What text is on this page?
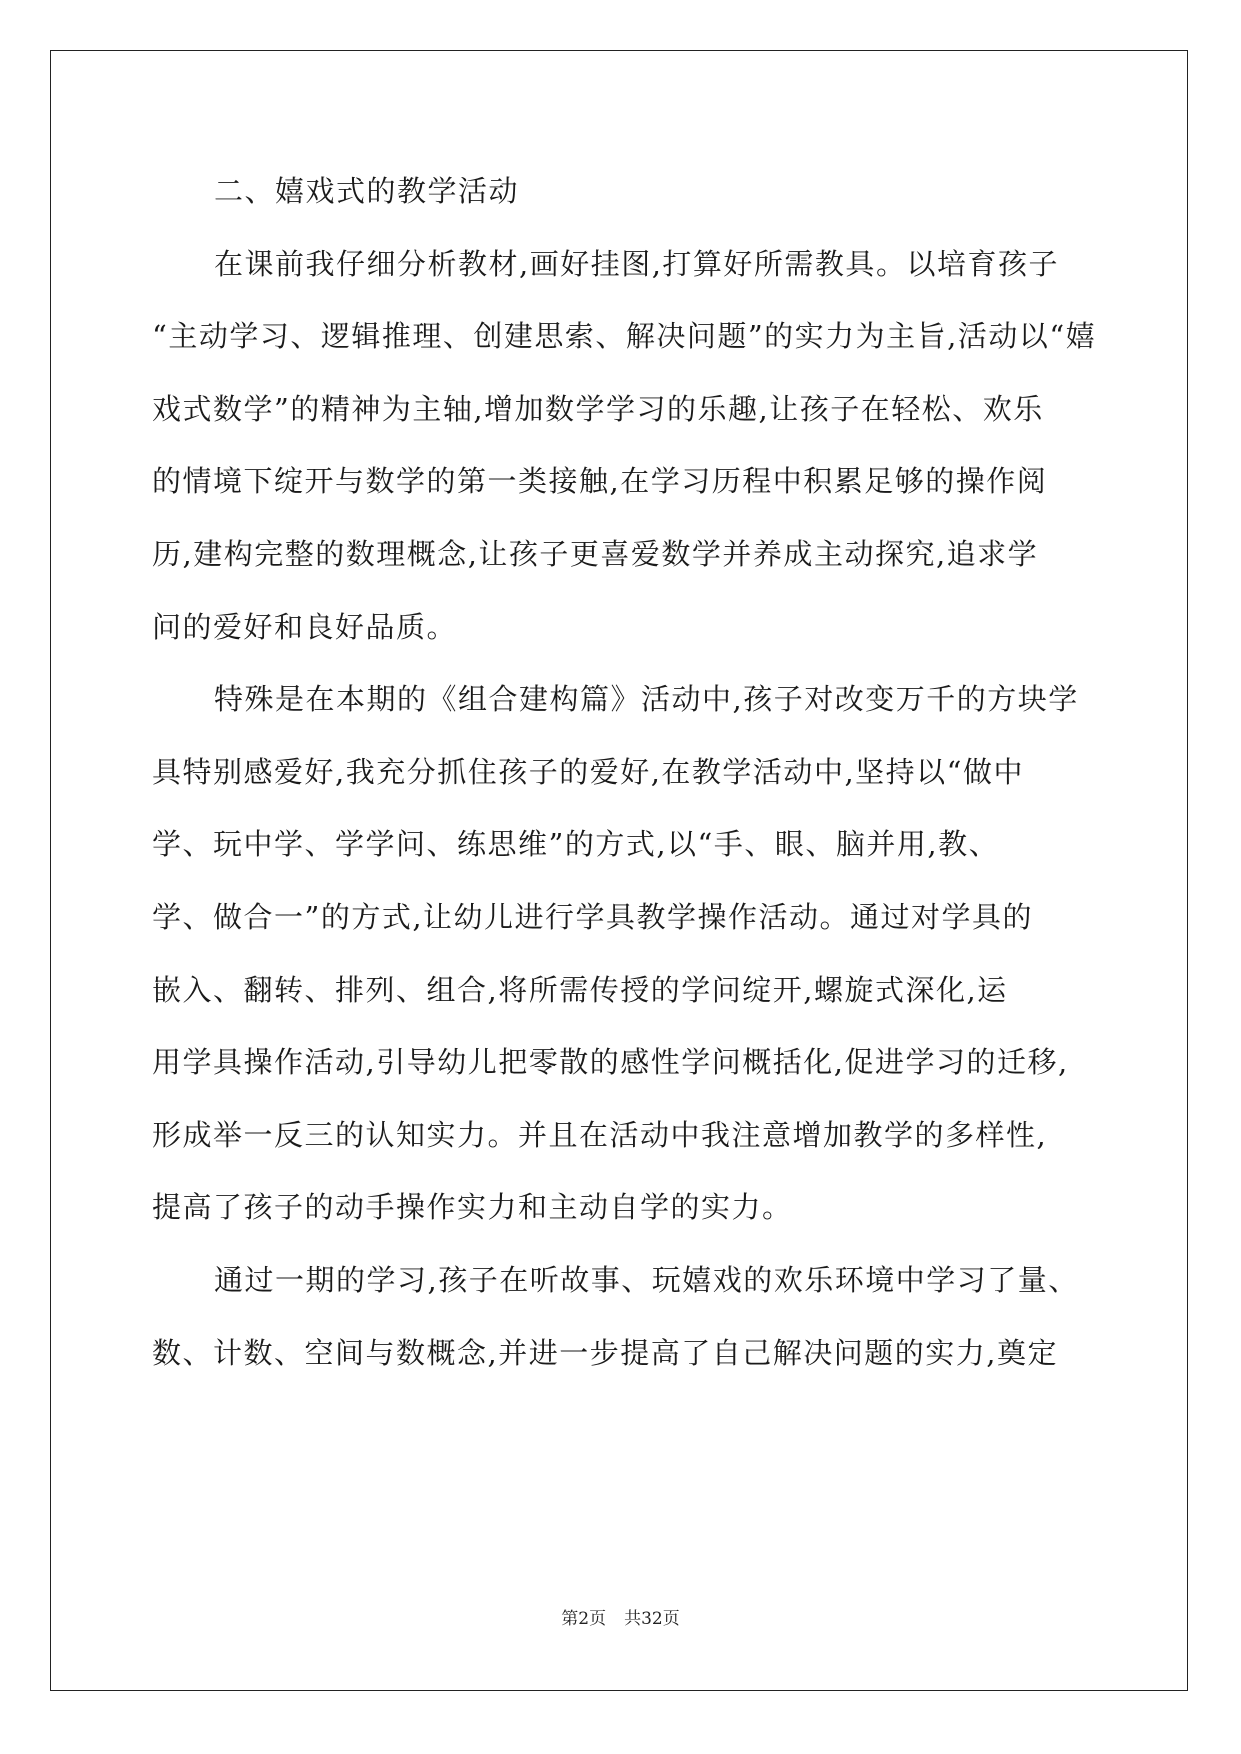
二、嬉戏式的教学活动
在课前我仔细分析教材,画好挂图,打算好所需教具。以培育孩子
“主动学习、逻辑推理、创建思索、解决问题”的实力为主旨,活动以“嬉
戏式数学”的精神为主轴,增加数学学习的乐趣,让孩子在轻松、欢乐
的情境下绽开与数学的第一类接触,在学习历程中积累足够的操作阅
历,建构完整的数理概念,让孩子更喜爱数学并养成主动探究,追求学
问的爱好和良好品质。
特殊是在本期的《组合建构篇》活动中,孩子对改变万千的方块学
具特别感爱好,我充分抓住孩子的爱好,在教学活动中,坚持以“做中
学、玩中学、学学问、练思维”的方式,以“手、眼、脑并用,教、
学、做合一”的方式,让幼儿进行学具教学操作活动。通过对学具的
嵌入、翻转、排列、组合,将所需传授的学问绽开,螺旋式深化,运
用学具操作活动,引导幼儿把零散的感性学问概括化,促进学习的迁移,
形成举一反三的认知实力。并且在活动中我注意增加教学的多样性,
提高了孩子的动手操作实力和主动自学的实力。
通过一期的学习,孩子在听故事、玩嬉戏的欢乐环境中学习了量、
数、计数、空间与数概念,并进一步提高了自己解决问题的实力,奠定
第2页 共32页
